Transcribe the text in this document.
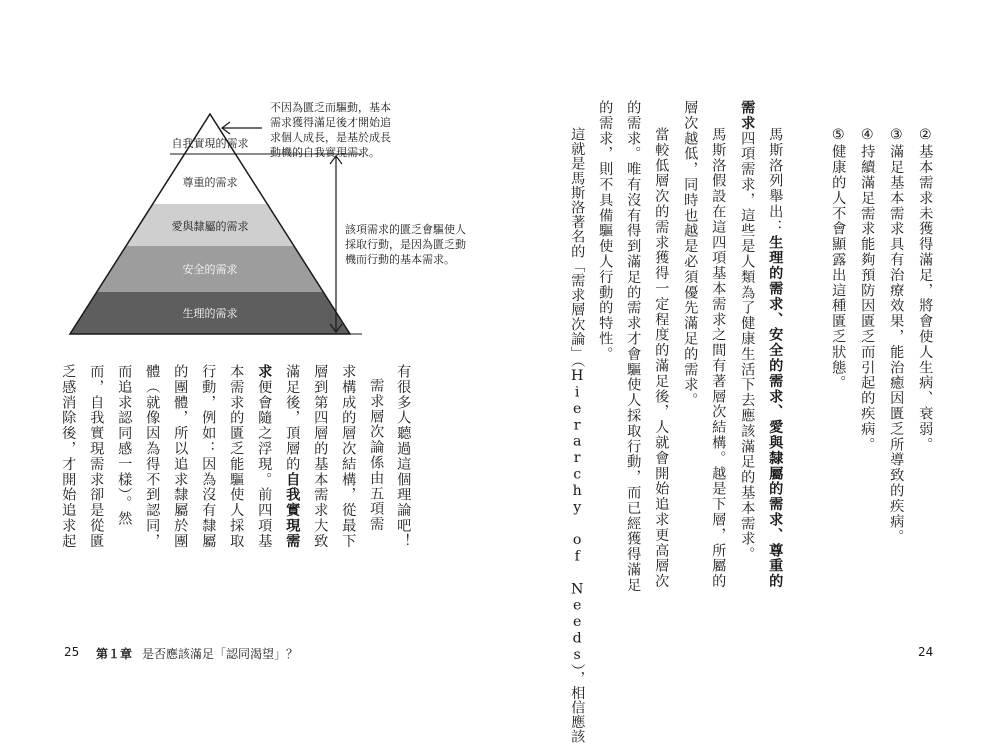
②基本需求未獲得滿足，將會使人生病、衰弱。
③滿足基本需求具有治療效果，能治癒因匱乏所導致的疾病。
④持續滿足需求能夠預防因匱乏而引起的疾病。
⑤健康的人不會顯露出這種匱乏狀態。
馬斯洛列舉出：生理的需求、安全的需求、愛與隸屬的需求、尊重的
需求四項需求，這些是人類為了健康生活下去應該滿足的基本需求。
馬斯洛假設在這四項基本需求之間有著層次結構。越是下層，所屬的
層次越低，同時也越是必須優先滿足的需求。
當較低層次的需求獲得一定程度的滿足後，人就會開始追求更高層次
的需求。唯有沒有得到滿足的需求才會驅使人採取行動，而已經獲得滿足
的需求，則不具備驅使人行動的特性。
這就是馬斯洛著名的「需求層次論」（Hierarchy of Needs），相信應該	24
自我實現的需求
尊重的需求
愛與隸屬的需求
安全的需求
生理的需求
不因為匱乏而驅動，基本
需求獲得滿足後才開始追
求個人成長，是基於成長
動機的自我實現需求。
該項需求的匱乏會驅使人
採取行動，是因為匱乏動
機而行動的基本需求。
有很多人聽過這個理論吧！
需求層次論係由五項需
求構成的層次結構，從最下
層到第四層的基本需求大致
滿足後，頂層的自我實現需
求便會隨之浮現。前四項基
本需求的匱乏能驅使人採取
行動，例如：因為沒有隸屬
的團體，所以追求隸屬於團
體（就像因為得不到認同，
而追求認同感一樣）。然
而，自我實現需求卻是從匱
乏感消除後，才開始追求起
25 第１章 是否應該滿足「認同渴望」？
